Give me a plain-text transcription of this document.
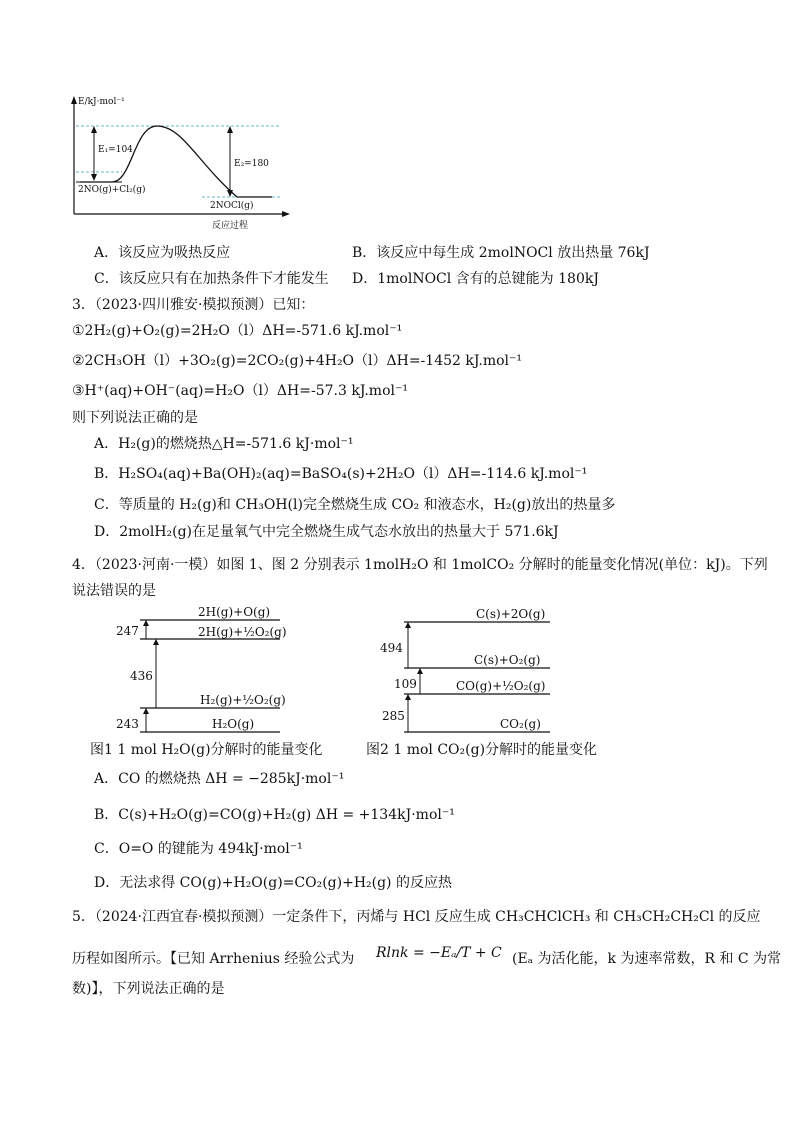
E/kJ·mol⁻¹
E₁=104
E₂=180
2NO(g)+Cl₂(g)
2NOCl(g)
反应过程
A．该反应为吸热反应	B．该反应中每生成 2molNOCl 放出热量 76kJ
C．该反应只有在加热条件下才能发生 D．1molNOCl 含有的总键能为 180kJ
3．（2023·四川雅安·模拟预测）已知：
①2H₂(g)+O₂(g)=2H₂O（l）ΔH=-571.6 kJ.mol⁻¹
②2CH₃OH（l）+3O₂(g)=2CO₂(g)+4H₂O（l）ΔH=-1452 kJ.mol⁻¹
③H⁺(aq)+OH⁻(aq)=H₂O（l）ΔH=-57.3 kJ.mol⁻¹
则下列说法正确的是
A．H₂(g)的燃烧热△H=-571.6 kJ·mol⁻¹
B．H₂SO₄(aq)+Ba(OH)₂(aq)=BaSO₄(s)+2H₂O（l）ΔH=-114.6 kJ.mol⁻¹
C．等质量的 H₂(g)和 CH₃OH(l)完全燃烧生成 CO₂ 和液态水，H₂(g)放出的热量多
D．2molH₂(g)在足量氧气中完全燃烧生成气态水放出的热量大于 571.6kJ
4．（2023·河南·一模）如图 1、图 2 分别表示 1molH₂O 和 1molCO₂ 分解时的能量变化情况(单位：kJ)。下列
说法错误的是
247
436
243
2H(g)+O(g)
2H(g)+½O₂(g)
H₂(g)+½O₂(g)
H₂O(g)
494
109
285
C(s)+2O(g)
C(s)+O₂(g)
CO(g)+½O₂(g)
CO₂(g)
图1 1 mol H₂O(g)分解时的能量变化	图2 1 mol CO₂(g)分解时的能量变化
A．CO 的燃烧热 ΔH = −285kJ·mol⁻¹
B．C(s)+H₂O(g)=CO(g)+H₂(g) ΔH = +134kJ·mol⁻¹
C．O=O 的键能为 494kJ·mol⁻¹
D．无法求得 CO(g)+H₂O(g)=CO₂(g)+H₂(g) 的反应热
5．（2024·江西宜春·模拟预测）一定条件下，丙烯与 HCl 反应生成 CH₃CHClCH₃ 和 CH₃CH₂CH₂Cl 的反应
历程如图所示。【已知 Arrhenius 经验公式为 Rlnk = −Eₐ/T + C (Eₐ 为活化能，k 为速率常数，R 和 C 为常
数)】，下列说法正确的是
